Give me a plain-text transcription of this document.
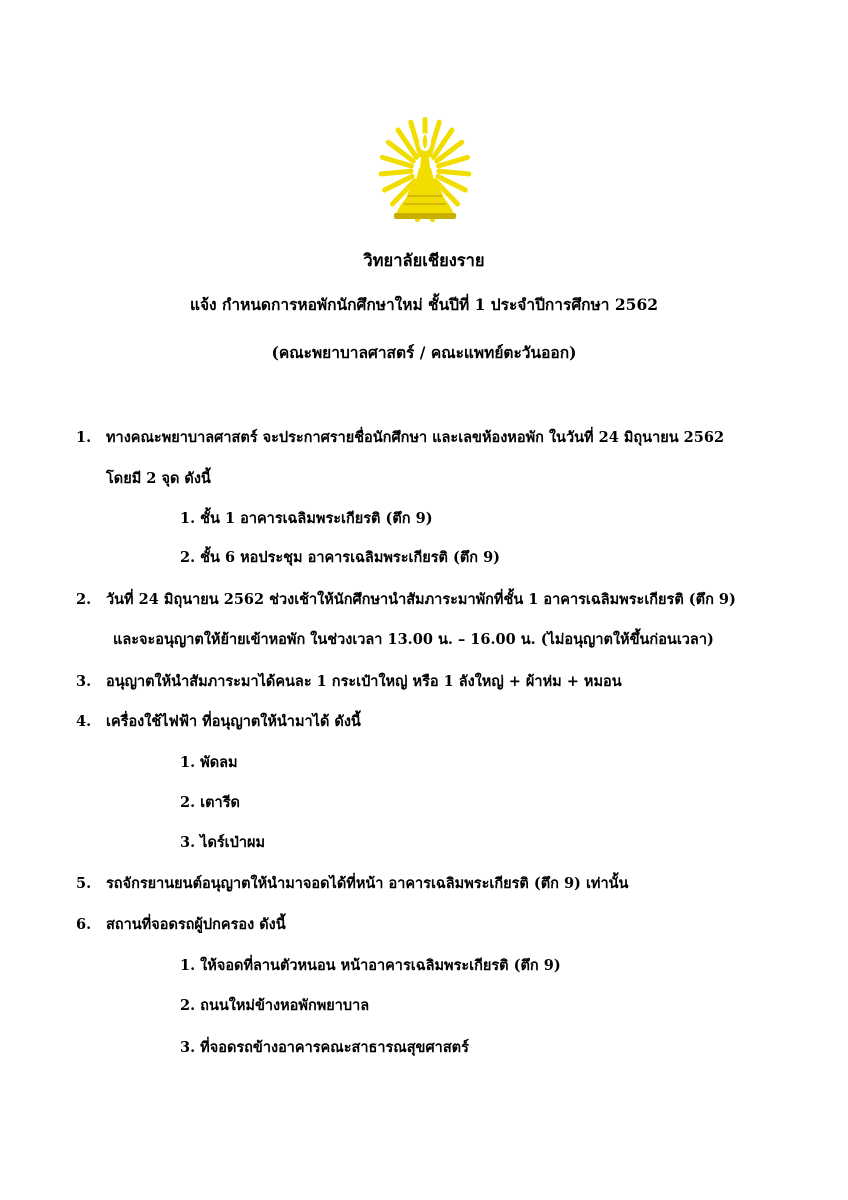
วิทยาลัยเชียงราย
แจ้ง กำหนดการหอพักนักศึกษาใหม่ ชั้นปีที่ 1 ประจำปีการศึกษา 2562
(คณะพยาบาลศาสตร์ / คณะแพทย์ตะวันออก)
1. ทางคณะพยาบาลศาสตร์ จะประกาศรายชื่อนักศึกษา และเลขห้องหอพัก ในวันที่ 24 มิถุนายน 2562
โดยมี 2 จุด ดังนี้
1. ชั้น 1 อาคารเฉลิมพระเกียรติ (ตึก 9)
2. ชั้น 6 หอประชุม อาคารเฉลิมพระเกียรติ (ตึก 9)
2. วันที่ 24 มิถุนายน 2562 ช่วงเช้าให้นักศึกษานำสัมภาระมาพักที่ชั้น 1 อาคารเฉลิมพระเกียรติ (ตึก 9)
และจะอนุญาตให้ย้ายเข้าหอพัก ในช่วงเวลา 13.00 น. – 16.00 น. (ไม่อนุญาตให้ขึ้นก่อนเวลา)
3. อนุญาตให้นำสัมภาระมาได้คนละ 1 กระเป๋าใหญ่ หรือ 1 ลังใหญ่ + ผ้าห่ม + หมอน
4. เครื่องใช้ไฟฟ้า ที่อนุญาตให้นำมาได้ ดังนี้
1. พัดลม
2. เตารีด
3. ไดร์เป่าผม
5. รถจักรยานยนต์อนุญาตให้นำมาจอดได้ที่หน้า อาคารเฉลิมพระเกียรติ (ตึก 9) เท่านั้น
6. สถานที่จอดรถผู้ปกครอง ดังนี้
1. ให้จอดที่ลานตัวหนอน หน้าอาคารเฉลิมพระเกียรติ (ตึก 9)
2. ถนนใหม่ข้างหอพักพยาบาล
3. ที่จอดรถข้างอาคารคณะสาธารณสุขศาสตร์
